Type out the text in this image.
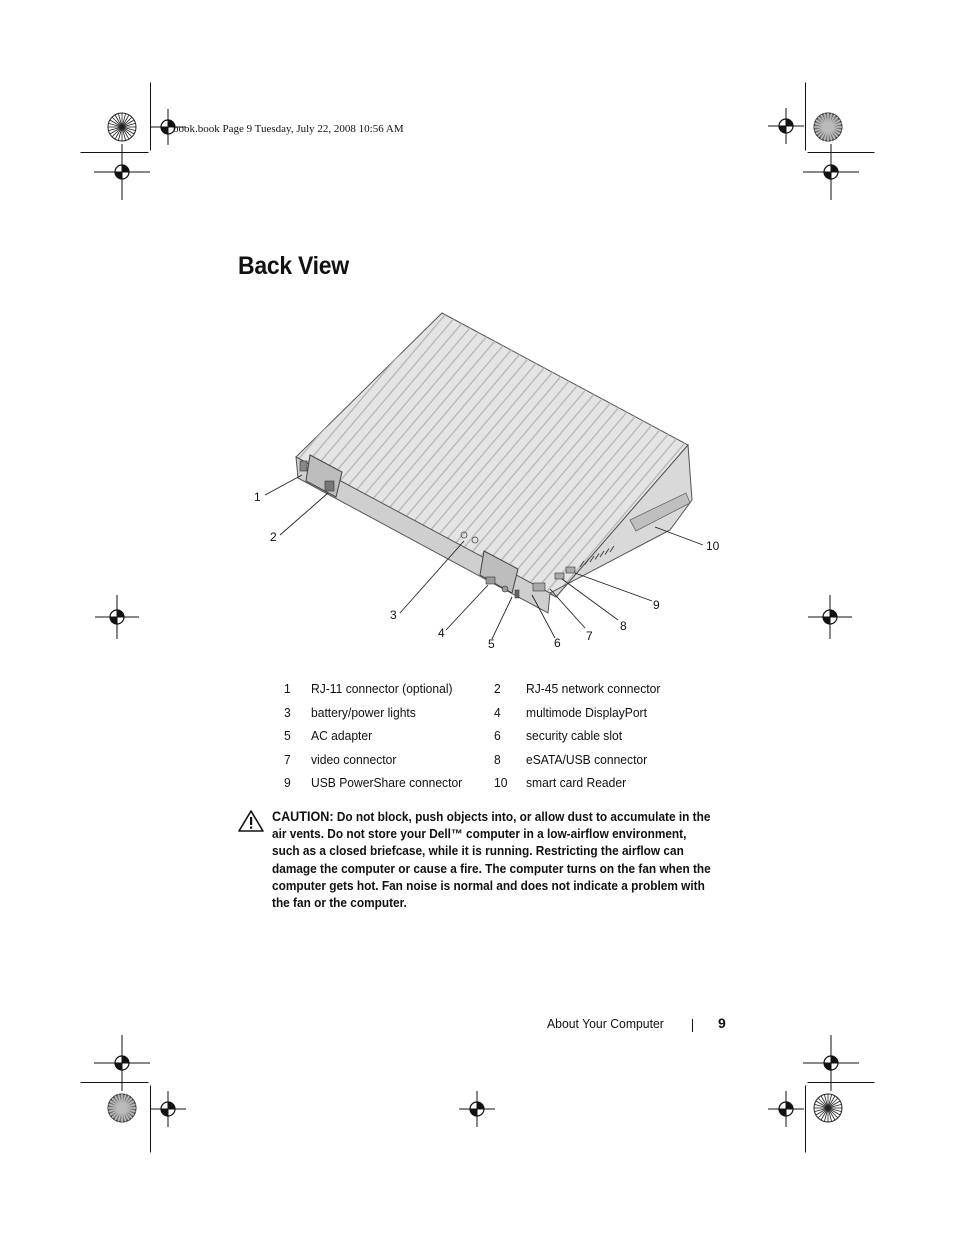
book.book Page 9 Tuesday, July 22, 2008 10:56 AM
Back View
1
2
3
4
5	6 7
8
9
10
1 RJ-11 connector (optional)	2 RJ-45 network connector
3 battery/power lights	4 multimode DisplayPort
5 AC adapter	6 security cable slot
7 video connector	8 eSATA/USB connector
9 USB PowerShare connector 10 smart card Reader
CAUTION: Do not block, push objects into, or allow dust to accumulate in the air vents. Do not store your Dell™ computer in a low-airflow environment, such as a closed briefcase, while it is running. Restricting the airflow can damage the computer or cause a fire. The computer turns on the fan when the computer gets hot. Fan noise is normal and does not indicate a problem with the fan or the computer.
About Your Computer	9
